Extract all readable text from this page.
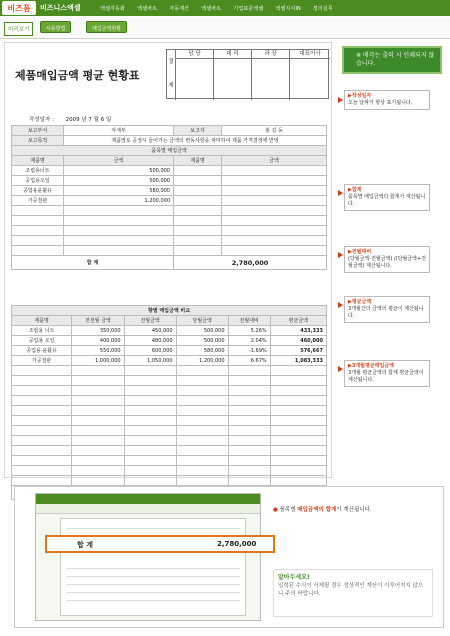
비즈폼	비즈니스엑셀	엑셀자동화 엑셀차트 자동계산 엑셀차트 기업표준엑셀 엑셀지식IN 경리실무
미리보기	사용방법	매입금액현황
제품매입금액 평균 현황표
결재
담 당	대 리	과 장	대표이사
작성일자 : 2009 년 7 월 6 일
보고부서	자재부	보고자	홍 길 동
보고목적	제품별로 공정시 들어가는 금액의 변동사항을 파악하여 제품 가격결정에 반영		
품목별 매입금액			
제품명	금액	제품명	금액
조립용너트	500,000		
공업용오일	500,000		
공업용윤활유	580,000		
가공철판	1,200,000		

합 계		2,780,000	
항별 매입금액 비교					
제품명	전전월 금액	전월금액	당월금액	전월대비	평균금액
조립용 너트	350,000	450,000	500,000	5.26%	433,333
공업용 오일	400,000	480,000	500,000	2.04%	460,000
공업용 윤활유	550,000	600,000	580,000	-1.69%	576,667
가공철판	1,000,000	1,050,000	1,200,000	6.67%	1,083,333

※ 매각는 출력 시 인쇄되지 않습니다.
▶작성일자
오늘 날짜가 항상 표기됩니다.
▶합계
품목별 매입금액의 합계가 계산됩니다.
▶전월대비
(당월금액-전월금액) /(당월금액+전월금액) 계산됩니다.
▶평균금액
3개월간의 금액의 평균이 계산됩니다.
▶3개월평균매입금액
3개월 평균금액의 합계 평균금액이 계산됩니다.
합 계	2,780,000
● 품목별 매입금액의 합계가 계산됩니다.
알아두세요!
입력된 수식이 삭제될 경우 정상적인 계산이 이루어지지 않으니 주의 바랍니다.
